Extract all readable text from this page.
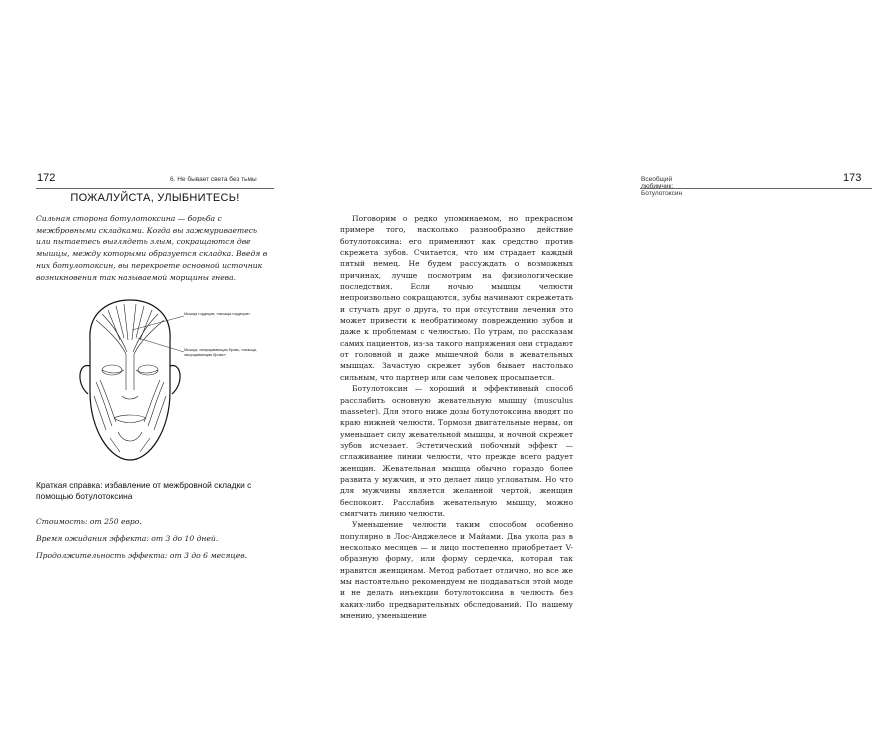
172	6. Не бывает света без тьмы
ПОЖАЛУЙСТА, УЛЫБНИТЕСЬ!
Сильная сторона ботулотоксина — борьба с межбровными складками. Когда вы зажмуриваетесь или пытаетесь выглядеть злым, сокращаются две мышцы, между которыми образуется складка. Введя в них ботулотоксин, вы перекроете основной источник возникновения так называемой морщины гнева.
Мышца гордецов, «мышца гордецов»
Мышца, сморщивающая бровь, «мышца, сморщивающая бровь»
Краткая справка: избавление от межбровной складки с помощью ботулотоксина
Стоимость: от 250 евро.
Время ожидания эффекта: от 3 до 10 дней.
Продолжительность эффекта: от 3 до 6 месяцев.
Всеобщий любимчик: Ботулотоксин
173

Поговорим о редко упоминаемом, но прекрасном примере того, насколько разнообразно действие ботулотоксина: его применяют как средство против скрежета зубов. Считается, что им страдает каждый пятый немец. Не будем рассуждать о возможных причинах, лучше посмотрим на физиологические последствия. Если ночью мышцы челюсти непроизвольно сокращаются, зубы начинают скрежетать и стучать друг о друга, то при отсутствии лечения это может привести к необратимому повреждению зубов и даже к проблемам с челюстью. По утрам, по рассказам самих пациентов, из-за такого напряжения они страдают от головной и даже мышечной боли в жевательных мышцах. Зачастую скрежет зубов бывает настолько сильным, что партнер или сам человек просыпается.

Ботулотоксин — хороший и эффективный способ расслабить основную жевательную мышцу (musculus masseter). Для этого ниже дозы ботулотоксина вводят по краю нижней челюсти. Тормозя двигательные нервы, он уменьшает силу жевательной мышцы, и ночной скрежет зубов исчезает. Эстетический побочный эффект — сглаживание линии челюсти, что прежде всего радует женщин. Жевательная мышца обычно гораздо более развита у мужчин, и это делает лицо угловатым. Но что для мужчины является желанной чертой, женщин беспокоит. Расслабив жевательную мышцу, можно смягчить линию челюсти.

Уменьшение челюсти таким способом особенно популярно в Лос-Анджелесе и Майами. Два укола раз в несколько месяцев — и лицо постепенно приобретает V-образную форму, или форму сердечка, которая так нравится женщинам. Метод работает отлично, но все же мы настоятельно рекомендуем не поддаваться этой моде и не делать инъекции ботулотоксина в челюсть без каких-либо предварительных обследований. По нашему мнению, уменьшение
